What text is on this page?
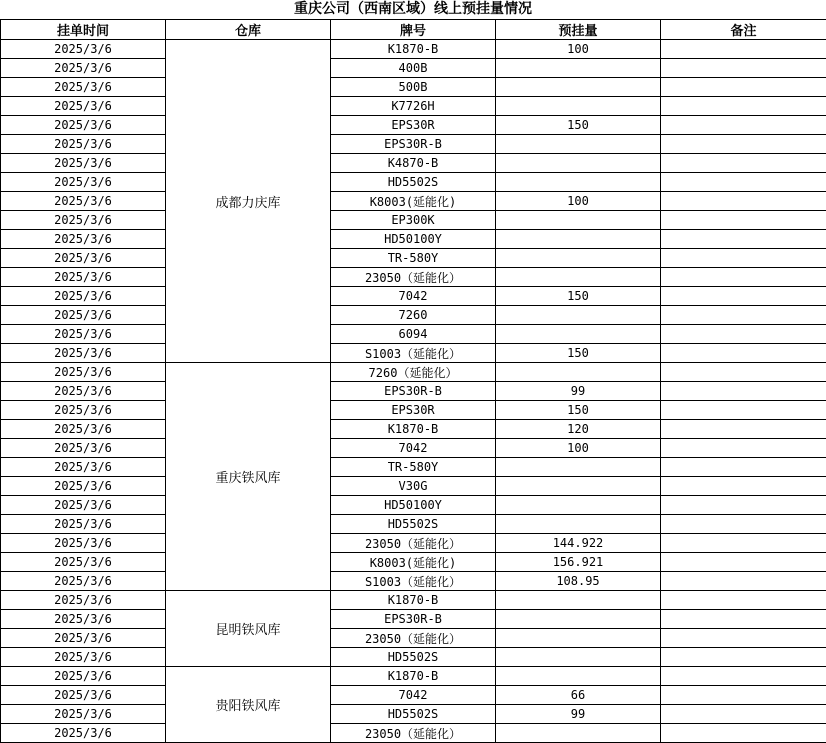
重庆公司（西南区域）线上预挂量情况
挂单时间	仓库	牌号	预挂量	备注
2025/3/6	成都力庆库	K1870-B	100	
2025/3/6		400B		
2025/3/6		500B		
2025/3/6		K7726H		
2025/3/6		EPS30R	150	
2025/3/6		EPS30R-B		
2025/3/6		K4870-B		
2025/3/6		HD5502S		
2025/3/6		K8003(延能化)	100	
2025/3/6		EP300K		
2025/3/6		HD50100Y		
2025/3/6		TR-580Y		
2025/3/6		23050（延能化）		
2025/3/6		7042	150	
2025/3/6		7260		
2025/3/6		6094		
2025/3/6		S1003（延能化）	150	
2025/3/6	重庆铁风库	7260（延能化）		
2025/3/6		EPS30R-B	99	
2025/3/6		EPS30R	150	
2025/3/6		K1870-B	120	
2025/3/6		7042	100	
2025/3/6		TR-580Y		
2025/3/6		V30G		
2025/3/6		HD50100Y		
2025/3/6		HD5502S		
2025/3/6		23050（延能化）	144.922	
2025/3/6		K8003(延能化)	156.921	
2025/3/6		S1003（延能化）	108.95	
2025/3/6	昆明铁风库	K1870-B		
2025/3/6		EPS30R-B		
2025/3/6		23050（延能化）		
2025/3/6		HD5502S		
2025/3/6	贵阳铁风库	K1870-B		
2025/3/6		7042	66	
2025/3/6		HD5502S	99	
2025/3/6		23050（延能化）		
